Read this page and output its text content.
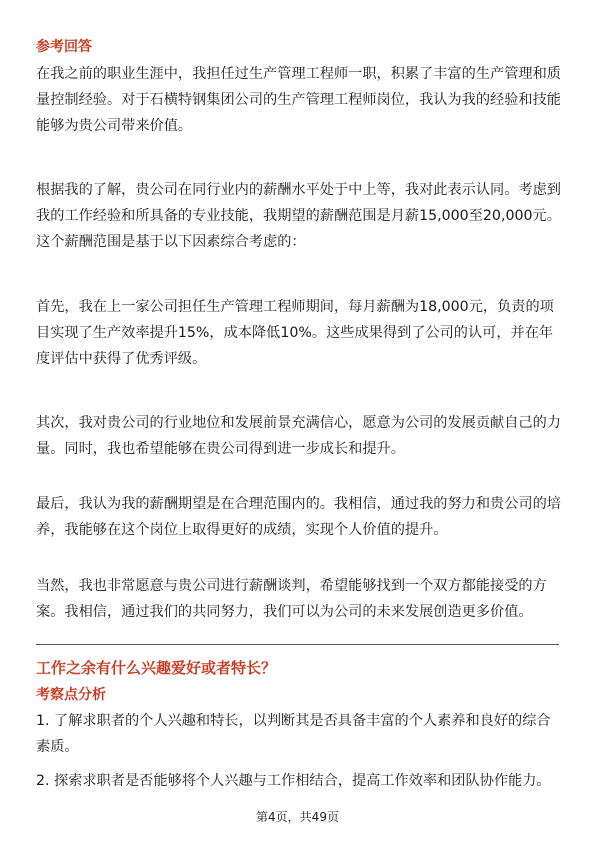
参考回答

在我之前的职业生涯中，我担任过生产管理工程师一职，积累了丰富的生产管理和质量控制经验。对于石横特钢集团公司的生产管理工程师岗位，我认为我的经验和技能能够为贵公司带来价值。

根据我的了解，贵公司在同行业内的薪酬水平处于中上等，我对此表示认同。考虑到我的工作经验和所具备的专业技能，我期望的薪酬范围是月薪15,000至20,000元。这个薪酬范围是基于以下因素综合考虑的：

首先，我在上一家公司担任生产管理工程师期间，每月薪酬为18,000元，负责的项目实现了生产效率提升15%，成本降低10%。这些成果得到了公司的认可，并在年度评估中获得了优秀评级。

其次，我对贵公司的行业地位和发展前景充满信心，愿意为公司的发展贡献自己的力量。同时，我也希望能够在贵公司得到进一步成长和提升。

最后，我认为我的薪酬期望是在合理范围内的。我相信，通过我的努力和贵公司的培养，我能够在这个岗位上取得更好的成绩，实现个人价值的提升。

当然，我也非常愿意与贵公司进行薪酬谈判，希望能够找到一个双方都能接受的方案。我相信，通过我们的共同努力，我们可以为公司的未来发展创造更多价值。

工作之余有什么兴趣爱好或者特长？
考察点分析
1. 了解求职者的个人兴趣和特长，以判断其是否具备丰富的个人素养和良好的综合素质。
2. 探索求职者是否能够将个人兴趣与工作相结合，提高工作效率和团队协作能力。
第4页，共49页
